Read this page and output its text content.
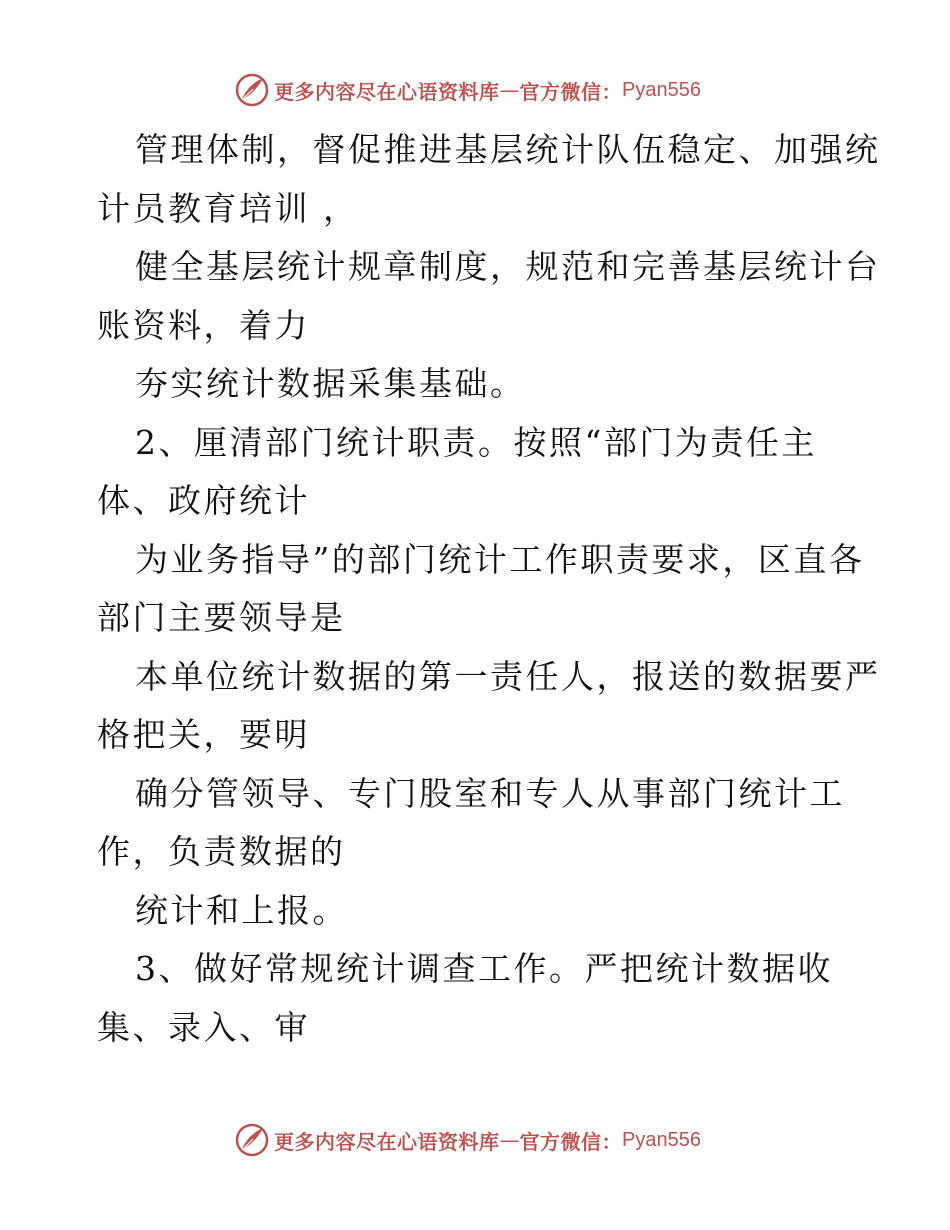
更多内容尽在心语资料库 — 官方微信： Pyan556
管理体制，督促推进基层统计队伍稳定、加强统
计员教育培训 ，
健全基层统计规章制度，规范和完善基层统计台
账资料，着力
夯实统计数据采集基础。
2、厘清部门统计职责。按照“部门为责任主
体、政府统计
为业务指导”的部门统计工作职责要求，区直各
部门主要领导是
本单位统计数据的第一责任人，报送的数据要严
格把关，要明
确分管领导、专门股室和专人从事部门统计工
作，负责数据的
统计和上报。
3、做好常规统计调查工作。严把统计数据收
集、录入、审
更多内容尽在心语资料库 — 官方微信： Pyan556
